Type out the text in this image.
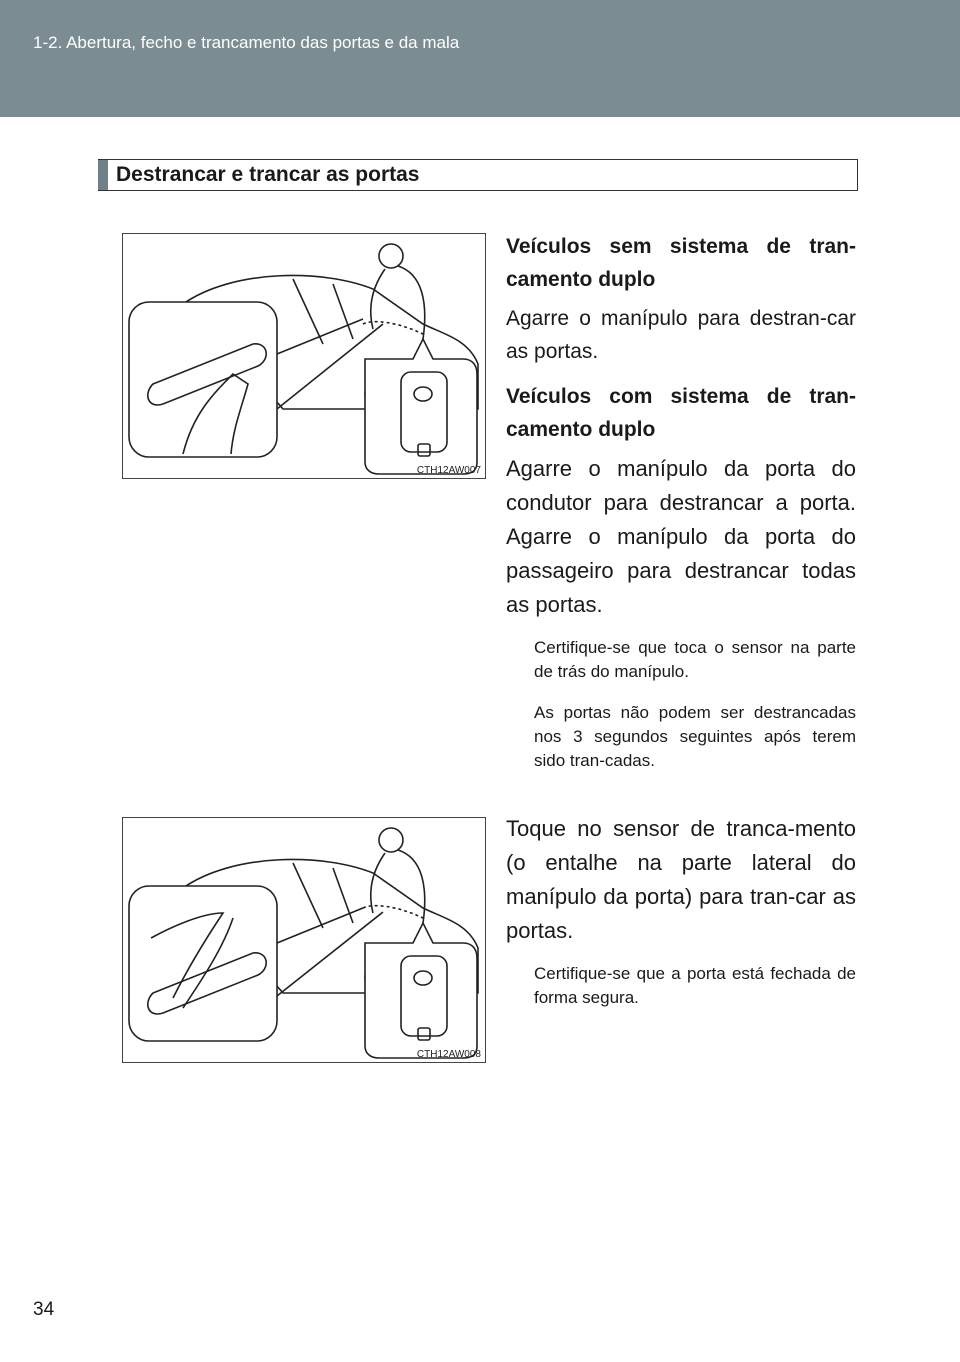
1-2. Abertura, fecho e trancamento das portas e da mala
Destrancar e trancar as portas
CTH12AW007
CTH12AW008

Veículos sem sistema de tran-camento duplo

Agarre o manípulo para destran-car as portas.

Veículos com sistema de tran-camento duplo

Agarre o manípulo da porta do condutor para destrancar a porta. Agarre o manípulo da porta do passageiro para destrancar todas as portas.

Certifique-se que toca o sensor na parte de trás do manípulo.

As portas não podem ser destrancadas nos 3 segundos seguintes após terem sido tran-cadas.

Toque no sensor de tranca-mento (o entalhe na parte lateral do manípulo da porta) para tran-car as portas.

Certifique-se que a porta está fechada de forma segura.

34
